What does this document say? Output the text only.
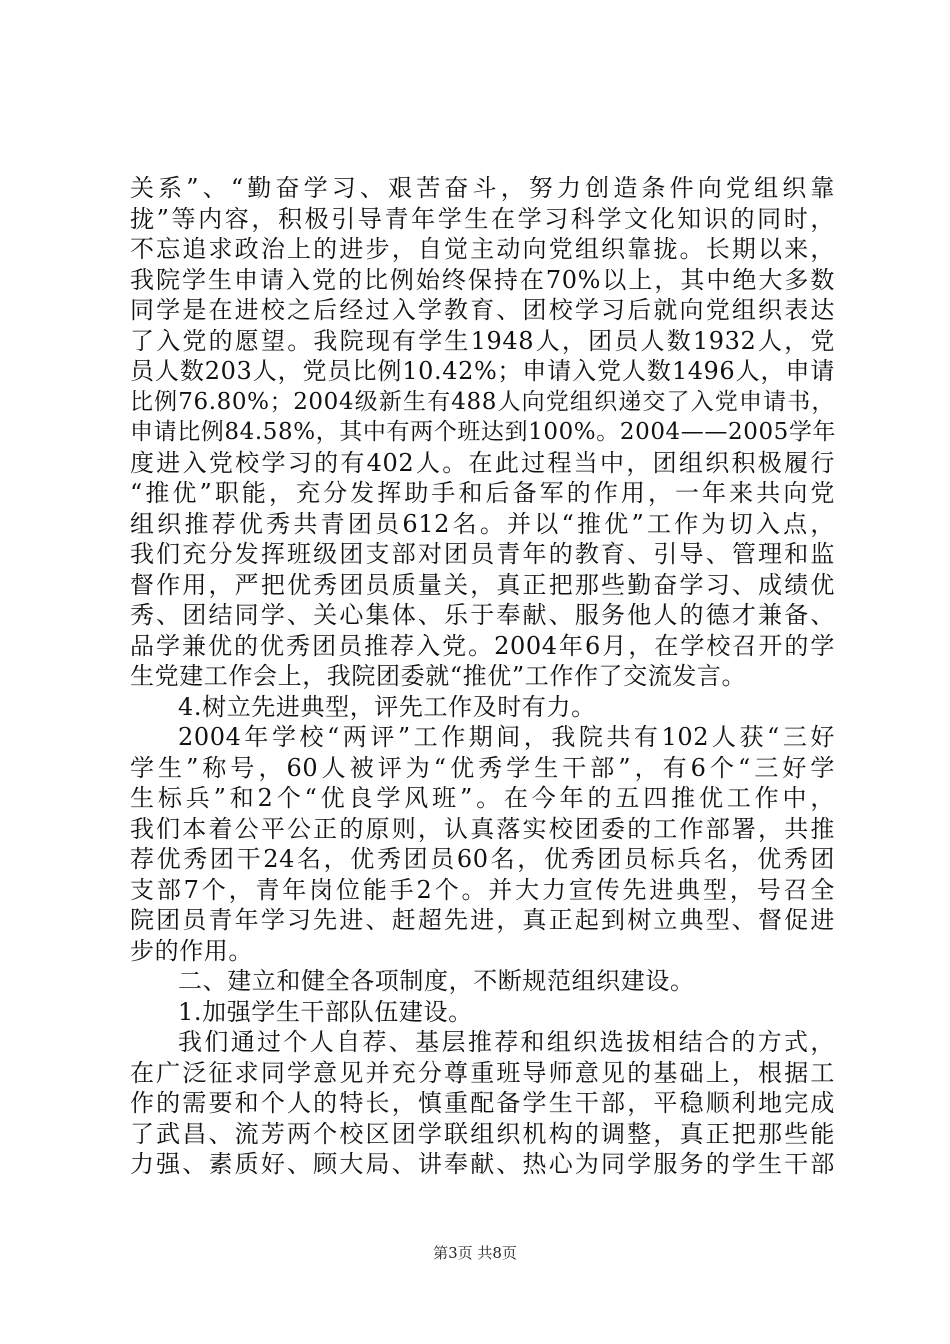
关系”、“勤奋学习、艰苦奋斗，努力创造条件向党组织靠
拢”等内容，积极引导青年学生在学习科学文化知识的同时，
不忘追求政治上的进步，自觉主动向党组织靠拢。长期以来，
我院学生申请入党的比例始终保持在70%以上，其中绝大多数
同学是在进校之后经过入学教育、团校学习后就向党组织表达
了入党的愿望。我院现有学生1948人，团员人数1932人，党
员人数203人，党员比例10.42%；申请入党人数1496人，申请
比例76.80%；2004级新生有488人向党组织递交了入党申请书，
申请比例84.58%，其中有两个班达到100%。2004——2005学年
度进入党校学习的有402人。在此过程当中，团组织积极履行
“推优”职能，充分发挥助手和后备军的作用，一年来共向党
组织推荐优秀共青团员612名。并以“推优”工作为切入点，
我们充分发挥班级团支部对团员青年的教育、引导、管理和监
督作用，严把优秀团员质量关，真正把那些勤奋学习、成绩优
秀、团结同学、关心集体、乐于奉献、服务他人的德才兼备、
品学兼优的优秀团员推荐入党。2004年6月，在学校召开的学
生党建工作会上，我院团委就“推优”工作作了交流发言。
4.树立先进典型，评先工作及时有力。
2004年学校“两评”工作期间，我院共有102人获“三好
学生”称号，60人被评为“优秀学生干部”，有6个“三好学
生标兵”和2个“优良学风班”。在今年的五四推优工作中，
我们本着公平公正的原则，认真落实校团委的工作部署，共推
荐优秀团干24名，优秀团员60名，优秀团员标兵名，优秀团
支部7个，青年岗位能手2个。并大力宣传先进典型，号召全
院团员青年学习先进、赶超先进，真正起到树立典型、督促进
步的作用。
二、建立和健全各项制度，不断规范组织建设。
1.加强学生干部队伍建设。
我们通过个人自荐、基层推荐和组织选拔相结合的方式，
在广泛征求同学意见并充分尊重班导师意见的基础上，根据工
作的需要和个人的特长，慎重配备学生干部，平稳顺利地完成
了武昌、流芳两个校区团学联组织机构的调整，真正把那些能
力强、素质好、顾大局、讲奉献、热心为同学服务的学生干部
第3页 共8页
